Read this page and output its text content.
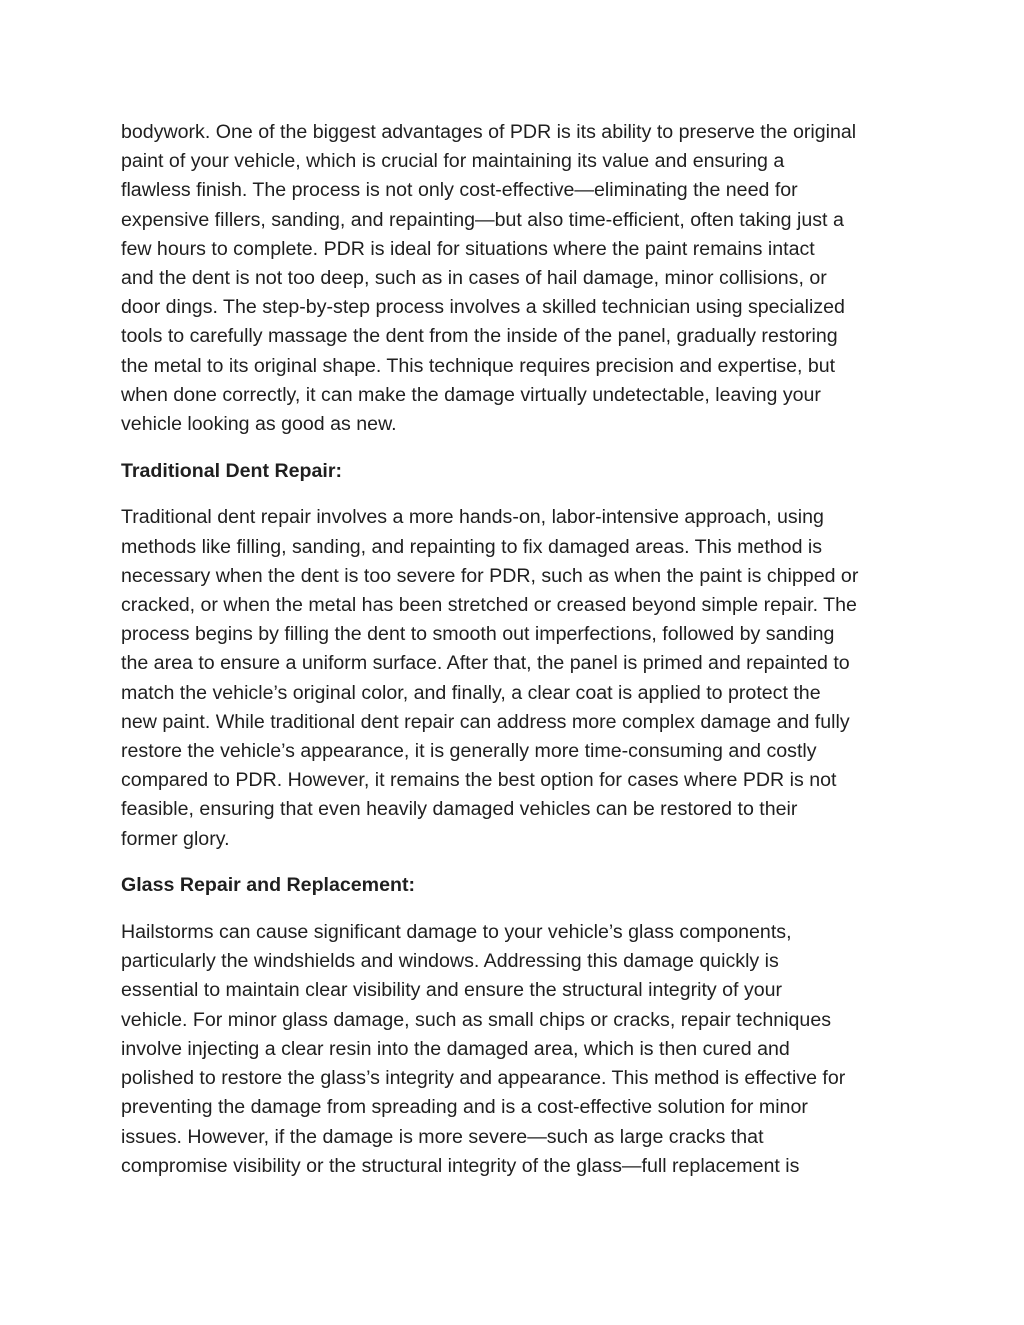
bodywork. One of the biggest advantages of PDR is its ability to preserve the original
paint of your vehicle, which is crucial for maintaining its value and ensuring a
flawless finish. The process is not only cost-effective—eliminating the need for
expensive fillers, sanding, and repainting—but also time-efficient, often taking just a
few hours to complete. PDR is ideal for situations where the paint remains intact
and the dent is not too deep, such as in cases of hail damage, minor collisions, or
door dings. The step-by-step process involves a skilled technician using specialized
tools to carefully massage the dent from the inside of the panel, gradually restoring
the metal to its original shape. This technique requires precision and expertise, but
when done correctly, it can make the damage virtually undetectable, leaving your
vehicle looking as good as new.
Traditional Dent Repair:
Traditional dent repair involves a more hands-on, labor-intensive approach, using
methods like filling, sanding, and repainting to fix damaged areas. This method is
necessary when the dent is too severe for PDR, such as when the paint is chipped or
cracked, or when the metal has been stretched or creased beyond simple repair. The
process begins by filling the dent to smooth out imperfections, followed by sanding
the area to ensure a uniform surface. After that, the panel is primed and repainted to
match the vehicle’s original color, and finally, a clear coat is applied to protect the
new paint. While traditional dent repair can address more complex damage and fully
restore the vehicle’s appearance, it is generally more time-consuming and costly
compared to PDR. However, it remains the best option for cases where PDR is not
feasible, ensuring that even heavily damaged vehicles can be restored to their
former glory.
Glass Repair and Replacement:
Hailstorms can cause significant damage to your vehicle’s glass components,
particularly the windshields and windows. Addressing this damage quickly is
essential to maintain clear visibility and ensure the structural integrity of your
vehicle. For minor glass damage, such as small chips or cracks, repair techniques
involve injecting a clear resin into the damaged area, which is then cured and
polished to restore the glass’s integrity and appearance. This method is effective for
preventing the damage from spreading and is a cost-effective solution for minor
issues. However, if the damage is more severe—such as large cracks that
compromise visibility or the structural integrity of the glass—full replacement is
